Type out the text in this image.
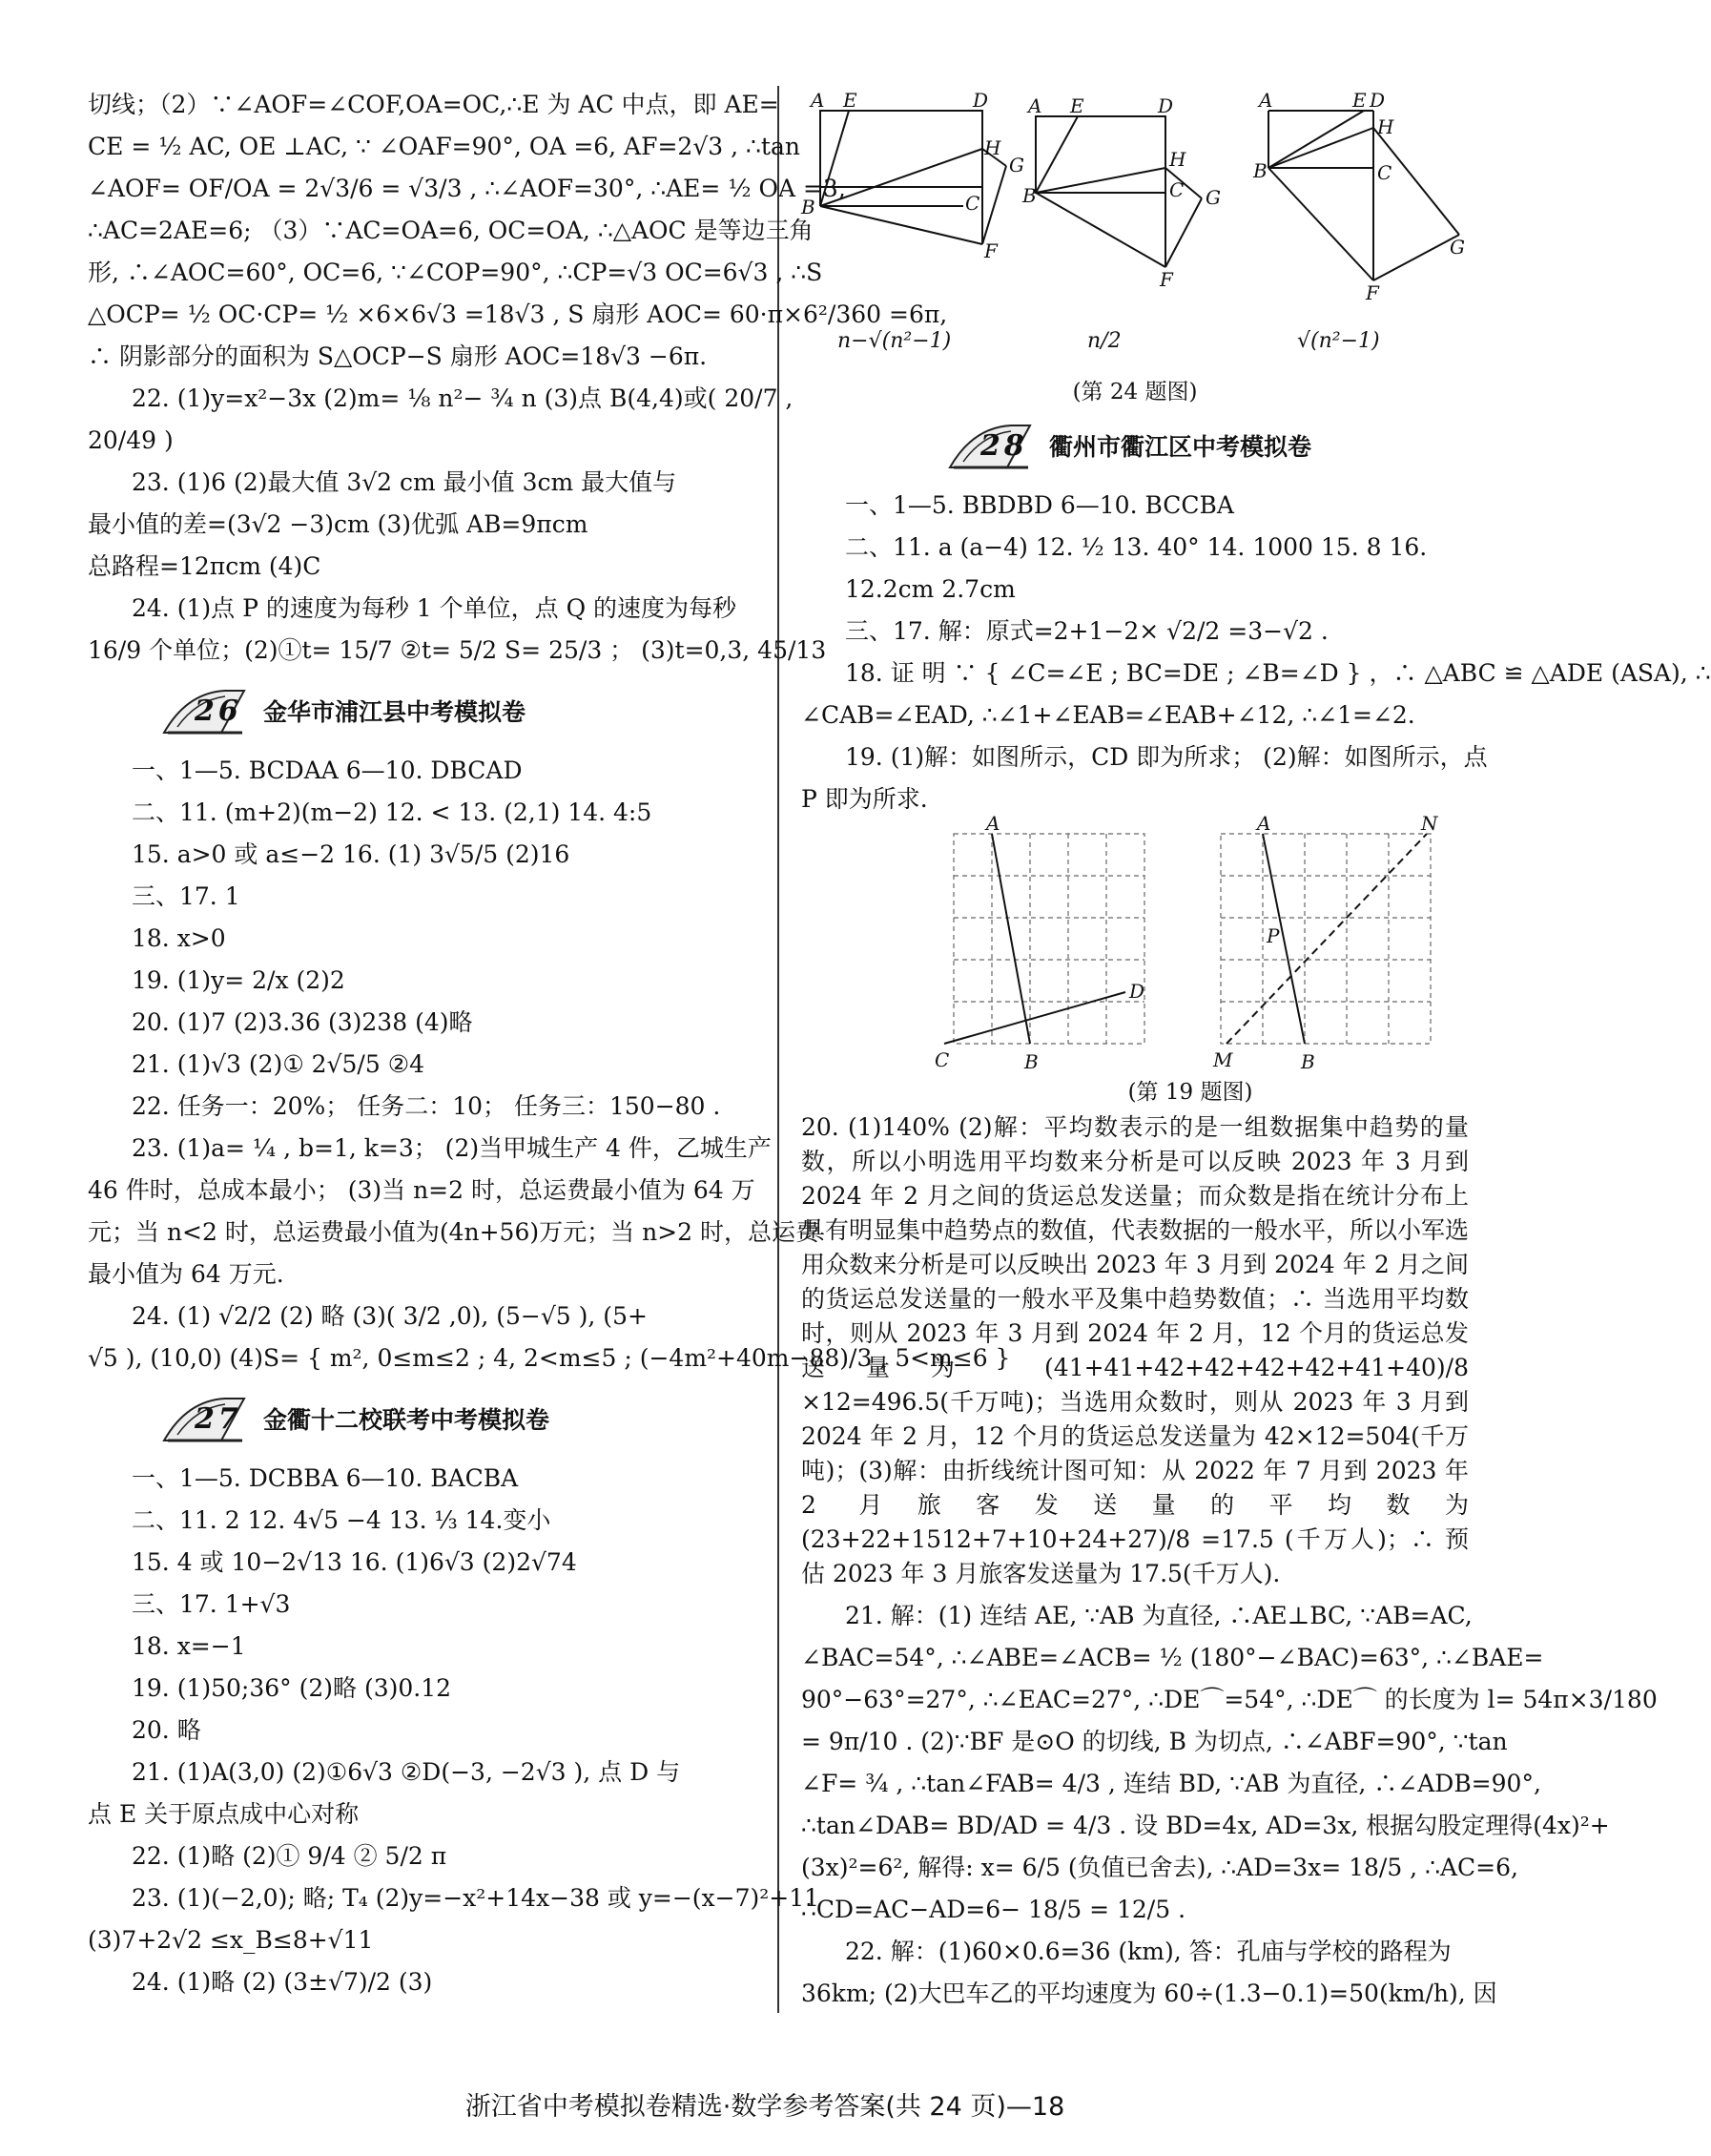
切线；（2）∵∠AOF=∠COF,OA=OC,∴E 为 AC 中点，即 AE=
CE = ½ AC, OE ⊥AC, ∵ ∠OAF=90°, OA =6, AF=2√3 , ∴tan
∠AOF= OF/OA = 2√3/6 = √3/3 , ∴∠AOF=30°, ∴AE= ½ OA =3,
∴AC=2AE=6; （3）∵AC=OA=6, OC=OA, ∴△AOC 是等边三角
形, ∴∠AOC=60°, OC=6, ∵∠COP=90°, ∴CP=√3 OC=6√3 , ∴S
△OCP= ½ OC·CP= ½ ×6×6√3 =18√3 , S 扇形 AOC= 60·π×6²/360 =6π,
∴ 阴影部分的面积为 S△OCP−S 扇形 AOC=18√3 −6π.
22. (1)y=x²−3x (2)m= ⅛ n²− ¾ n (3)点 B(4,4)或( 20/7 ,
20/49 )
23. (1)6 (2)最大值 3√2 cm 最小值 3cm 最大值与
最小值的差=(3√2 −3)cm (3)优弧 AB=9πcm
总路程=12πcm (4)C
24. (1)点 P 的速度为每秒 1 个单位，点 Q 的速度为每秒
16/9 个单位；(2)①t= 15/7 ②t= 5/2 S= 25/3 ； (3)t=0,3, 45/13
26 金华市浦江县中考模拟卷
一、1—5. BCDAA 6—10. DBCAD
二、11. (m+2)(m−2) 12. < 13. (2,1) 14. 4:5
15. a>0 或 a≤−2 16. (1) 3√5/5 (2)16
三、17. 1
18. x>0
19. (1)y= 2/x (2)2
20. (1)7 (2)3.36 (3)238 (4)略
21. (1)√3 (2)① 2√5/5 ②4
22. 任务一：20%； 任务二：10； 任务三：150−80 .
23. (1)a= ¼ , b=1, k=3； (2)当甲城生产 4 件，乙城生产
46 件时，总成本最小； (3)当 n=2 时，总运费最小值为 64 万
元；当 n<2 时，总运费最小值为(4n+56)万元；当 n>2 时，总运费
最小值为 64 万元.
24. (1) √2/2 (2) 略 (3)( 3/2 ,0), (5−√5 ), (5+
√5 ), (10,0) (4)S= { m², 0≤m≤2 ; 4, 2<m≤5 ; (−4m²+40m−88)/3 , 5<m≤6 }
27 金衢十二校联考中考模拟卷
一、1—5. DCBBA 6—10. BACBA
二、11. 2 12. 4√5 −4 13. ⅓ 14.变小
15. 4 或 10−2√13 16. (1)6√3 (2)2√74
三、17. 1+√3
18. x=−1
19. (1)50;36° (2)略 (3)0.12
20. 略
21. (1)A(3,0) (2)①6√3 ②D(−3, −2√3 ), 点 D 与
点 E 关于原点成中心对称
22. (1)略 (2)① 9/4 ② 5/2 π
23. (1)(−2,0); 略; T₄ (2)y=−x²+14x−38 或 y=−(x−7)²+11
(3)7+2√2 ≤x_B≤8+√11
24. (1)略 (2) (3±√7)/2 (3)
A E	D
H
G
B	C
F
A E	D
H
G
B	C
F
A	E D
H
G
B	C
F
n−√(n²−1)	n/2	√(n²−1)
(第 24 题图)
28 衢州市衢江区中考模拟卷
一、1—5. BBDBD 6—10. BCCBA
二、11. a (a−4) 12. ½ 13. 40° 14. 1000 15. 8 16.
12.2cm 2.7cm
三、17. 解：原式=2+1−2× √2/2 =3−√2 .
18. 证 明 ∵ { ∠C=∠E ; BC=DE ; ∠B=∠D } ，∴ △ABC ≌ △ADE (ASA), ∴
∠CAB=∠EAD, ∴∠1+∠EAB=∠EAB+∠12, ∴∠1=∠2.
19. (1)解：如图所示，CD 即为所求； (2)解：如图所示，点
P 即为所求.
A
D
C	B
A	N
P
M	B
(第 19 题图)

20. (1)140% (2)解：平均数表示的是一组数据集中趋势的量数，所以小明选用平均数来分析是可以反映 2023 年 3 月到 2024 年 2 月之间的货运总发送量；而众数是指在统计分布上具有明显集中趋势点的数值，代表数据的一般水平，所以小军选用众数来分析是可以反映出 2023 年 3 月到 2024 年 2 月之间的货运总发送量的一般水平及集中趋势数值；∴ 当选用平均数时，则从 2023 年 3 月到 2024 年 2 月，12 个月的货运总发送量为 (41+41+42+42+42+42+41+40)/8 ×12=496.5(千万吨)；当选用众数时，则从 2023 年 3 月到 2024 年 2 月，12 个月的货运总发送量为 42×12=504(千万吨)；(3)解：由折线统计图可知：从 2022 年 7 月到 2023 年 2 月旅客发送量的平均数为 (23+22+1512+7+10+24+27)/8 =17.5 (千万人)；∴ 预估 2023 年 3 月旅客发送量为 17.5(千万人).

21. 解：(1) 连结 AE, ∵AB 为直径, ∴AE⊥BC, ∵AB=AC,
∠BAC=54°, ∴∠ABE=∠ACB= ½ (180°−∠BAC)=63°, ∴∠BAE=
90°−63°=27°, ∴∠EAC=27°, ∴DE⌒=54°, ∴DE⌒ 的长度为 l= 54π×3/180
= 9π/10 . (2)∵BF 是⊙O 的切线, B 为切点, ∴∠ABF=90°, ∵tan
∠F= ¾ , ∴tan∠FAB= 4/3 , 连结 BD, ∵AB 为直径, ∴∠ADB=90°,
∴tan∠DAB= BD/AD = 4/3 . 设 BD=4x, AD=3x, 根据勾股定理得(4x)²+
(3x)²=6², 解得: x= 6/5 (负值已舍去), ∴AD=3x= 18/5 , ∴AC=6,
∴CD=AC−AD=6− 18/5 = 12/5 .
22. 解：(1)60×0.6=36 (km), 答：孔庙与学校的路程为
36km; (2)大巴车乙的平均速度为 60÷(1.3−0.1)=50(km/h), 因
浙江省中考模拟卷精选·数学参考答案(共 24 页)—18
